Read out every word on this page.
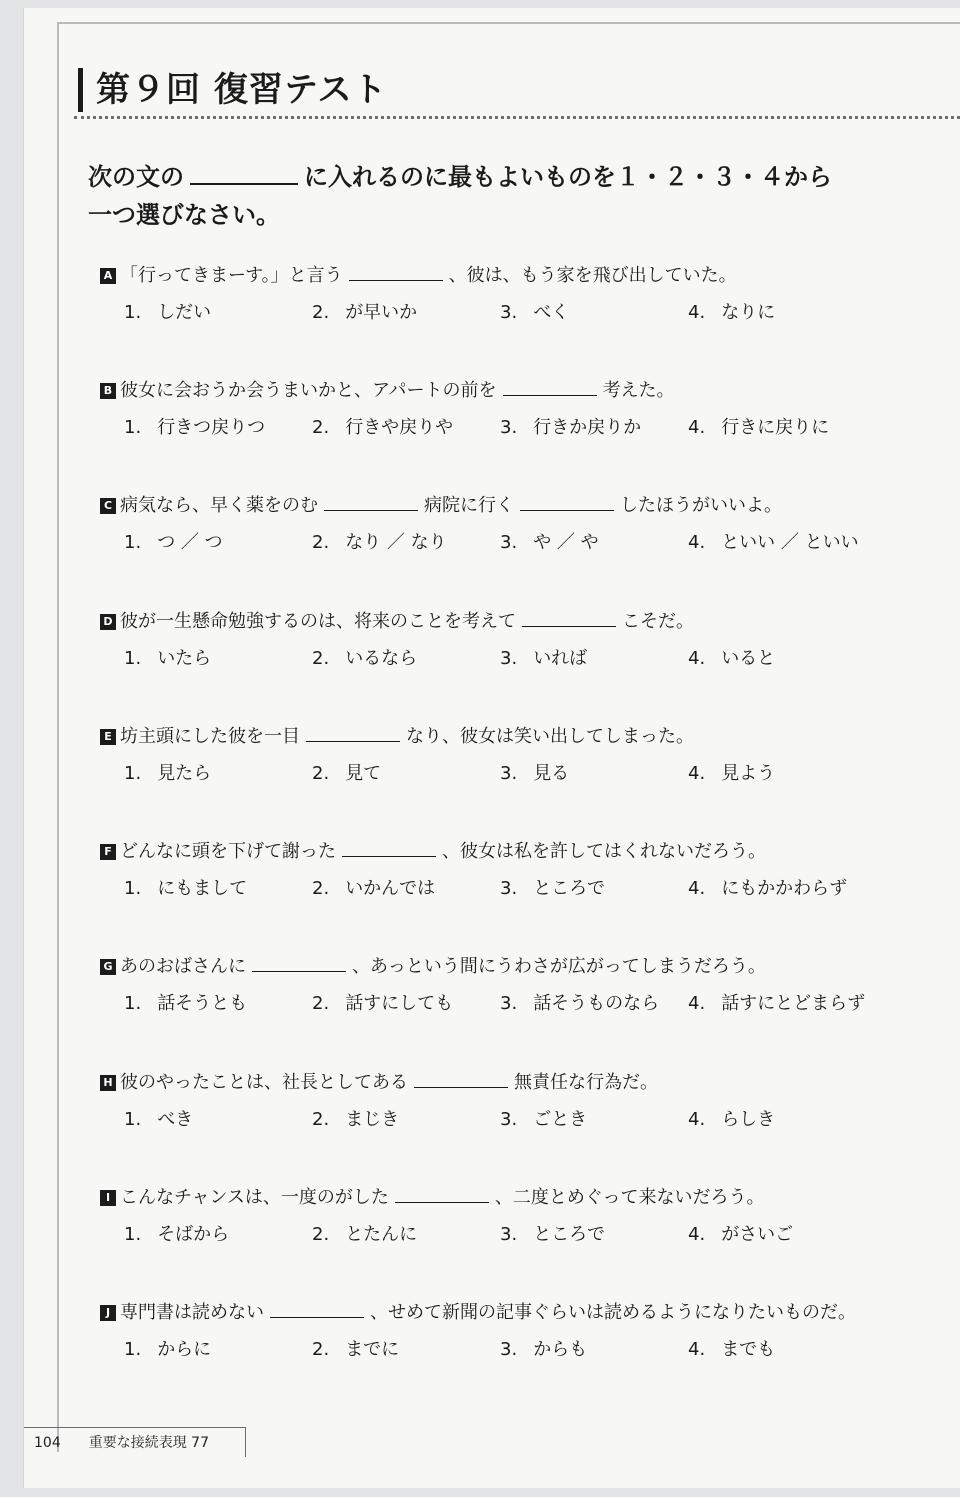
第９回 復習テスト
次の文の	に入れるのに最もよいものを１・２・３・４から
一つ選びなさい。
A 「行ってきまーす。」と言う	、彼は、もう家を飛び出していた。
1. しだい	2. が早いか	3. べく	4. なりに
B 彼女に会おうか会うまいかと、アパートの前を	考えた。
1. 行きつ戻りつ	2. 行きや戻りや	3. 行きか戻りか	4. 行きに戻りに
C 病気なら、早く薬をのむ	病院に行く	したほうがいいよ。
1. つ ／ つ	2. なり ／ なり	3. や ／ や	4. といい ／ といい
D 彼が一生懸命勉強するのは、将来のことを考えて	こそだ。
1. いたら	2. いるなら	3. いれば	4. いると
E 坊主頭にした彼を一目	なり、彼女は笑い出してしまった。
1. 見たら	2. 見て	3. 見る	4. 見よう
F どんなに頭を下げて謝った	、彼女は私を許してはくれないだろう。
1. にもまして	2. いかんでは	3. ところで	4. にもかかわらず
G あのおばさんに	、あっという間にうわさが広がってしまうだろう。
1. 話そうとも	2. 話すにしても	3. 話そうものなら 4. 話すにとどまらず
H 彼のやったことは、社長としてある	無責任な行為だ。
1. べき	2. まじき	3. ごとき	4. らしき
I こんなチャンスは、一度のがした	、二度とめぐって来ないだろう。
1. そばから	2. とたんに	3. ところで	4. がさいご
J 専門書は読めない	、せめて新聞の記事ぐらいは読めるようになりたいものだ。
1. からに	2. までに	3. からも	4. までも
104 重要な接続表現 77
